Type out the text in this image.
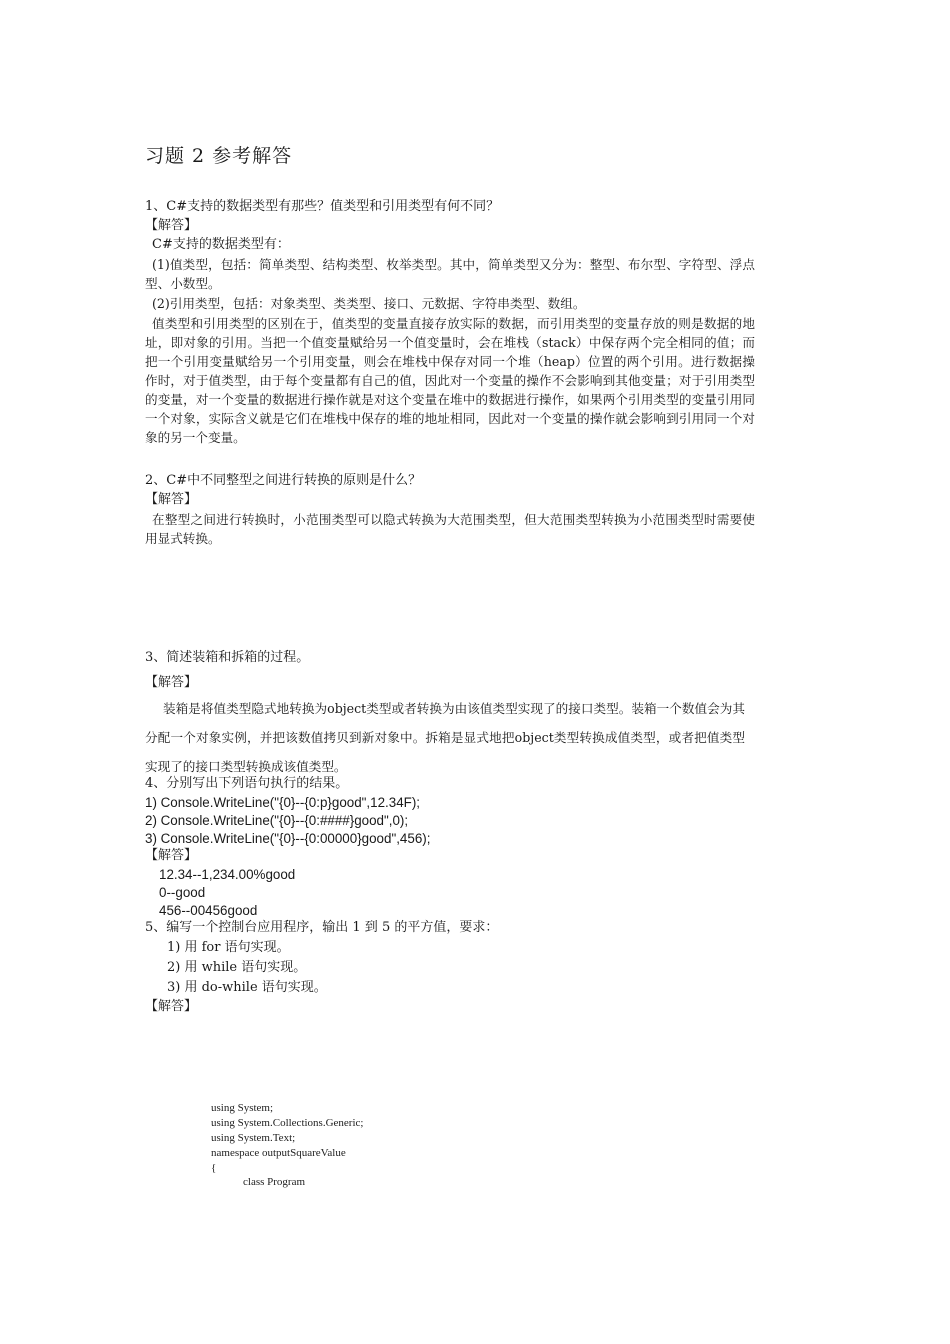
习题 2 参考解答
1、C#支持的数据类型有那些？值类型和引用类型有何不同？
【解答】
C#支持的数据类型有：
(1)值类型，包括：简单类型、结构类型、枚举类型。其中，简单类型又分为：整型、布尔型、字符型、浮点型、小数型。
(2)引用类型，包括：对象类型、类类型、接口、元数据、字符串类型、数组。
值类型和引用类型的区别在于，值类型的变量直接存放实际的数据，而引用类型的变量存放的则是数据的地址，即对象的引用。当把一个值变量赋给另一个值变量时，会在堆栈（stack）中保存两个完全相同的值；而把一个引用变量赋给另一个引用变量，则会在堆栈中保存对同一个堆（heap）位置的两个引用。进行数据操作时，对于值类型，由于每个变量都有自己的值，因此对一个变量的操作不会影响到其他变量；对于引用类型的变量，对一个变量的数据进行操作就是对这个变量在堆中的数据进行操作，如果两个引用类型的变量引用同一个对象，实际含义就是它们在堆栈中保存的堆的地址相同，因此对一个变量的操作就会影响到引用同一个对象的另一个变量。
2、C#中不同整型之间进行转换的原则是什么？
【解答】
在整型之间进行转换时，小范围类型可以隐式转换为大范围类型，但大范围类型转换为小范围类型时需要使用显式转换。
3、简述装箱和拆箱的过程。
【解答】
装箱是将值类型隐式地转换为object类型或者转换为由该值类型实现了的接口类型。装箱一个数值会为其分配一个对象实例，并把该数值拷贝到新对象中。拆箱是显式地把object类型转换成值类型，或者把值类型实现了的接口类型转换成该值类型。
4、分别写出下列语句执行的结果。
1) Console.WriteLine("{0}--{0:p}good",12.34F);
2) Console.WriteLine("{0}--{0:####}good",0);
3) Console.WriteLine("{0}--{0:00000}good",456);
【解答】
12.34--1,234.00%good
0--good
456--00456good
5、编写一个控制台应用程序，输出 1 到 5 的平方值，要求：
1) 用 for 语句实现。
2) 用 while 语句实现。
3) 用 do-while 语句实现。
【解答】
using System;
using System.Collections.Generic;
using System.Text;
namespace outputSquareValue
{
class Program
